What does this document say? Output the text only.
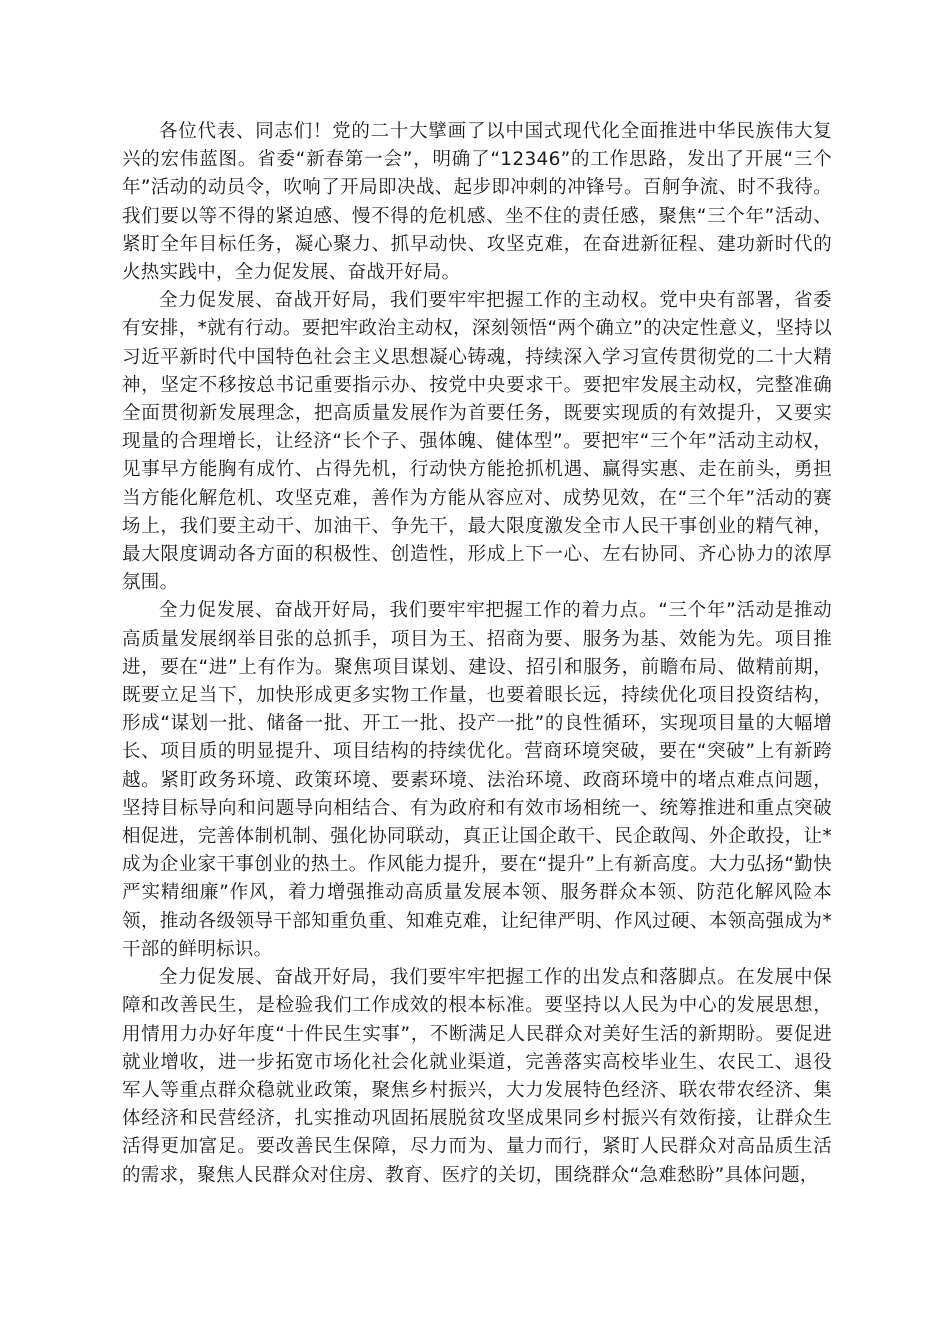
各位代表、同志们！党的二十大擘画了以中国式现代化全面推进中华民族伟大复兴的宏伟蓝图。省委“新春第一会”，明确了“12346”的工作思路，发出了开展“三个年”活动的动员令，吹响了开局即决战、起步即冲刺的冲锋号。百舸争流、时不我待。我们要以等不得的紧迫感、慢不得的危机感、坐不住的责任感，聚焦“三个年”活动、紧盯全年目标任务，凝心聚力、抓早动快、攻坚克难，在奋进新征程、建功新时代的火热实践中，全力促发展、奋战开好局。

全力促发展、奋战开好局，我们要牢牢把握工作的主动权。党中央有部署，省委有安排，*就有行动。要把牢政治主动权，深刻领悟“两个确立”的决定性意义，坚持以习近平新时代中国特色社会主义思想凝心铸魂，持续深入学习宣传贯彻党的二十大精神，坚定不移按总书记重要指示办、按党中央要求干。要把牢发展主动权，完整准确全面贯彻新发展理念，把高质量发展作为首要任务，既要实现质的有效提升，又要实现量的合理增长，让经济“长个子、强体魄、健体型”。要把牢“三个年”活动主动权，见事早方能胸有成竹、占得先机，行动快方能抢抓机遇、赢得实惠、走在前头，勇担当方能化解危机、攻坚克难，善作为方能从容应对、成势见效，在“三个年”活动的赛场上，我们要主动干、加油干、争先干，最大限度激发全市人民干事创业的精气神，最大限度调动各方面的积极性、创造性，形成上下一心、左右协同、齐心协力的浓厚氛围。

全力促发展、奋战开好局，我们要牢牢把握工作的着力点。“三个年”活动是推动高质量发展纲举目张的总抓手，项目为王、招商为要、服务为基、效能为先。项目推进，要在“进”上有作为。聚焦项目谋划、建设、招引和服务，前瞻布局、做精前期，既要立足当下，加快形成更多实物工作量，也要着眼长远，持续优化项目投资结构，形成“谋划一批、储备一批、开工一批、投产一批”的良性循环，实现项目量的大幅增长、项目质的明显提升、项目结构的持续优化。营商环境突破，要在“突破”上有新跨越。紧盯政务环境、政策环境、要素环境、法治环境、政商环境中的堵点难点问题，坚持目标导向和问题导向相结合、有为政府和有效市场相统一、统筹推进和重点突破相促进，完善体制机制、强化协同联动，真正让国企敢干、民企敢闯、外企敢投，让*成为企业家干事创业的热土。作风能力提升，要在“提升”上有新高度。大力弘扬“勤快严实精细廉”作风，着力增强推动高质量发展本领、服务群众本领、防范化解风险本领，推动各级领导干部知重负重、知难克难，让纪律严明、作风过硬、本领高强成为*干部的鲜明标识。

全力促发展、奋战开好局，我们要牢牢把握工作的出发点和落脚点。在发展中保障和改善民生，是检验我们工作成效的根本标准。要坚持以人民为中心的发展思想，用情用力办好年度“十件民生实事”，不断满足人民群众对美好生活的新期盼。要促进就业增收，进一步拓宽市场化社会化就业渠道，完善落实高校毕业生、农民工、退役军人等重点群众稳就业政策，聚焦乡村振兴，大力发展特色经济、联农带农经济、集体经济和民营经济，扎实推动巩固拓展脱贫攻坚成果同乡村振兴有效衔接，让群众生活得更加富足。要改善民生保障，尽力而为、量力而行，紧盯人民群众对高品质生活的需求，聚焦人民群众对住房、教育、医疗的关切，围绕群众“急难愁盼”具体问题，
